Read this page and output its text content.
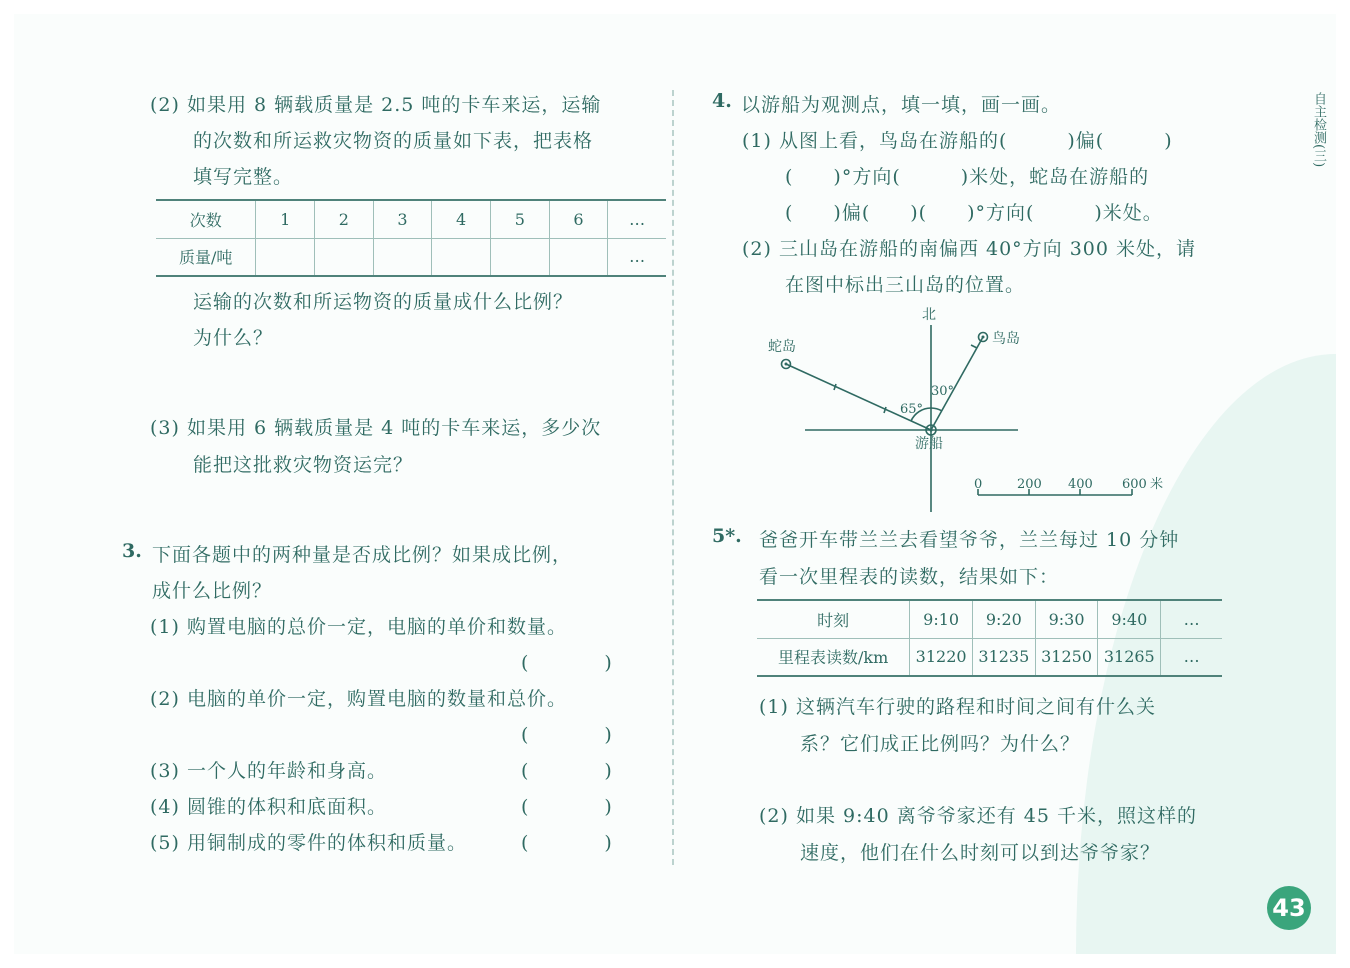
自主检测(三)
(2) 如果用 8 辆载质量是 2.5 吨的卡车来运，运输
的次数和所运救灾物资的质量如下表，把表格
填写完整。
次数	1	2	3	4	5	6	…
质量/吨							…
运输的次数和所运物资的质量成什么比例？
为什么？
(3) 如果用 6 辆载质量是 4 吨的卡车来运，多少次
能把这批救灾物资运完？
3. 下面各题中的两种量是否成比例？如果成比例，
成什么比例？
(1) 购置电脑的总价一定，电脑的单价和数量。
(　　　　)
(2) 电脑的单价一定，购置电脑的数量和总价。
(　　　　)
(3) 一个人的年龄和身高。	(　　　　)
(4) 圆锥的体积和底面积。	(　　　　)
(5) 用铜制成的零件的体积和质量。	(　　　　)
4. 以游船为观测点，填一填，画一画。
(1) 从图上看，鸟岛在游船的(　　　)偏(　　　)
(　　)°方向(　　　)米处，蛇岛在游船的
(　　)偏(　　)(　　)°方向(　　　)米处。
(2) 三山岛在游船的南偏西 40°方向 300 米处，请
在图中标出三山岛的位置。
北
鸟岛
蛇岛
游船
30°
65°
0	200 400 600 米
5*. 爸爸开车带兰兰去看望爷爷，兰兰每过 10 分钟
看一次里程表的读数，结果如下：
时刻	9:10	9:20	9:30	9:40	…
里程表读数/km	31220	31235	31250	31265	…
(1) 这辆汽车行驶的路程和时间之间有什么关
系？它们成正比例吗？为什么？
(2) 如果 9:40 离爷爷家还有 45 千米，照这样的
速度，他们在什么时刻可以到达爷爷家？
43
